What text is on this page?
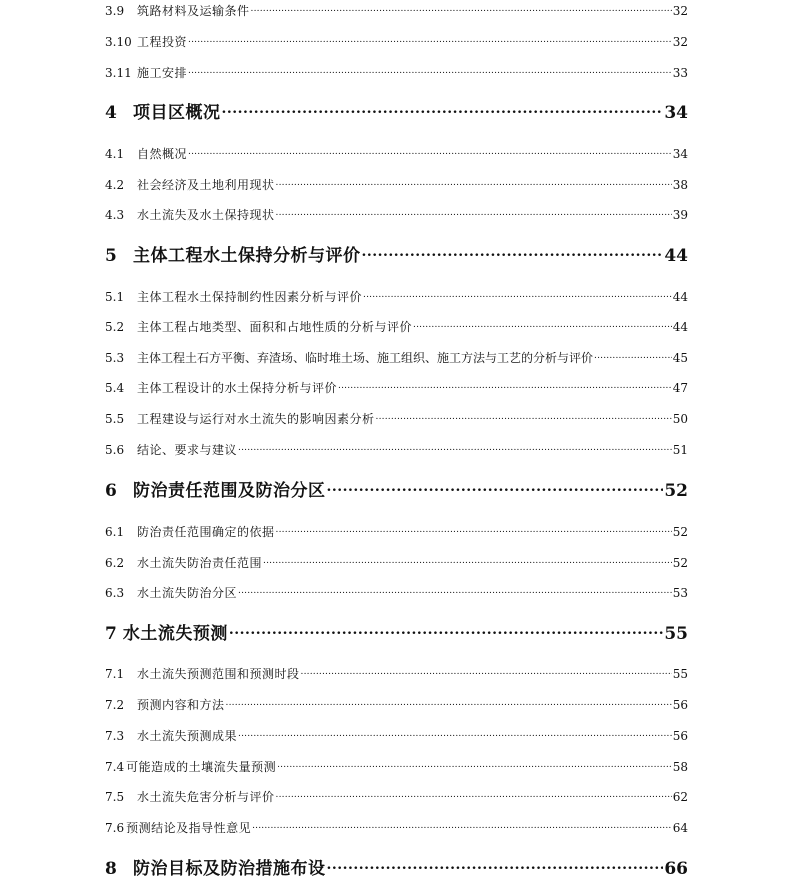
3.9	筑路材料及运输条件 .....	32
3.10 工程投资 .....	32
3.11 施工安排 .....	33
4 项目区概况 .....	34
4.1	自然概况 .....	34
4.2	社会经济及土地利用现状 .....	38
4.3	水土流失及水土保持现状 .....	39
5 主体工程水土保持分析与评价 .....	44
5.1	主体工程水土保持制约性因素分析与评价 .....	44
5.2	主体工程占地类型、面积和占地性质的分析与评价 .....	44
5.3	主体工程土石方平衡、弃渣场、临时堆土场、施工组织、施工方法与工艺的分析与评价 .....	45
5.4	主体工程设计的水土保持分析与评价 .....	47
5.5	工程建设与运行对水土流失的影响因素分析 .....	50
5.6	结论、要求与建议 .....	51
6 防治责任范围及防治分区 .....	52
6.1	防治责任范围确定的依据 .....	52
6.2	水土流失防治责任范围 .....	52
6.3	水土流失防治分区 .....	53
7 水土流失预测 .....	55
7.1	水土流失预测范围和预测时段 .....	55
7.2	预测内容和方法 .....	56
7.3	水土流失预测成果 .....	56
7.4 可能造成的土壤流失量预测 .....	58
7.5	水土流失危害分析与评价 .....	62
7.6 预测结论及指导性意见 .....	64
8 防治目标及防治措施布设 .....	66
